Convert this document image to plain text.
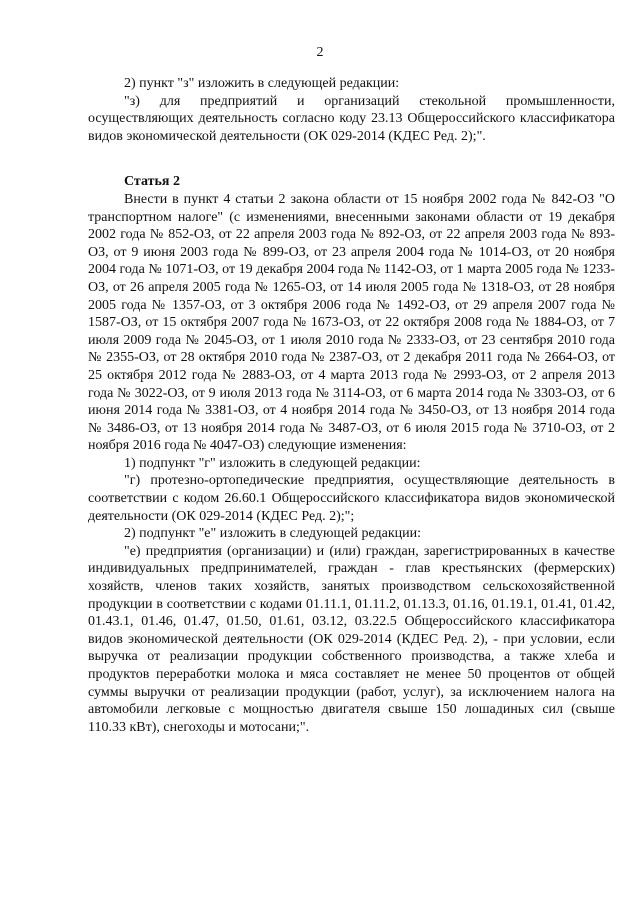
2

2) пункт "з" изложить в следующей редакции:

"з) для предприятий и организаций стекольной промышленности, осуществляющих деятельность согласно коду 23.13 Общероссийского классификатора видов экономической деятельности (ОК 029-2014 (КДЕС Ред. 2);".

Статья 2

Внести в пункт 4 статьи 2 закона области от 15 ноября 2002 года № 842-ОЗ "О транспортном налоге" (с изменениями, внесенными законами области от 19 декабря 2002 года № 852-ОЗ, от 22 апреля 2003 года № 892-ОЗ, от 22 апреля 2003 года № 893-ОЗ, от 9 июня 2003 года № 899-ОЗ, от 23 апреля 2004 года № 1014-ОЗ, от 20 ноября 2004 года № 1071-ОЗ, от 19 декабря 2004 года № 1142-ОЗ, от 1 марта 2005 года № 1233-ОЗ, от 26 апреля 2005 года № 1265-ОЗ, от 14 июля 2005 года № 1318-ОЗ, от 28 ноября 2005 года № 1357-ОЗ, от 3 октября 2006 года № 1492-ОЗ, от 29 апреля 2007 года № 1587-ОЗ, от 15 октября 2007 года № 1673-ОЗ, от 22 октября 2008 года № 1884-ОЗ, от 7 июля 2009 года № 2045-ОЗ, от 1 июля 2010 года № 2333-ОЗ, от 23 сентября 2010 года № 2355-ОЗ, от 28 октября 2010 года № 2387-ОЗ, от 2 декабря 2011 года № 2664-ОЗ, от 25 октября 2012 года № 2883-ОЗ, от 4 марта 2013 года № 2993-ОЗ, от 2 апреля 2013 года № 3022-ОЗ, от 9 июля 2013 года № 3114-ОЗ, от 6 марта 2014 года № 3303-ОЗ, от 6 июня 2014 года № 3381-ОЗ, от 4 ноября 2014 года № 3450-ОЗ, от 13 ноября 2014 года № 3486-ОЗ, от 13 ноября 2014 года № 3487-ОЗ, от 6 июля 2015 года № 3710-ОЗ, от 2 ноября 2016 года № 4047-ОЗ) следующие изменения:

1) подпункт "г" изложить в следующей редакции:

"г) протезно-ортопедические предприятия, осуществляющие деятельность в соответствии с кодом 26.60.1 Общероссийского классификатора видов экономической деятельности (ОК 029-2014 (КДЕС Ред. 2);";

2) подпункт "е" изложить в следующей редакции:

"е) предприятия (организации) и (или) граждан, зарегистрированных в качестве индивидуальных предпринимателей, граждан - глав крестьянских (фермерских) хозяйств, членов таких хозяйств, занятых производством сельскохозяйственной продукции в соответствии с кодами 01.11.1, 01.11.2, 01.13.3, 01.16, 01.19.1, 01.41, 01.42, 01.43.1, 01.46, 01.47, 01.50, 01.61, 03.12, 03.22.5 Общероссийского классификатора видов экономической деятельности (ОК 029-2014 (КДЕС Ред. 2), - при условии, если выручка от реализации продукции собственного производства, а также хлеба и продуктов переработки молока и мяса составляет не менее 50 процентов от общей суммы выручки от реализации продукции (работ, услуг), за исключением налога на автомобили легковые с мощностью двигателя свыше 150 лошадиных сил (свыше 110.33 кВт), снегоходы и мотосани;".
